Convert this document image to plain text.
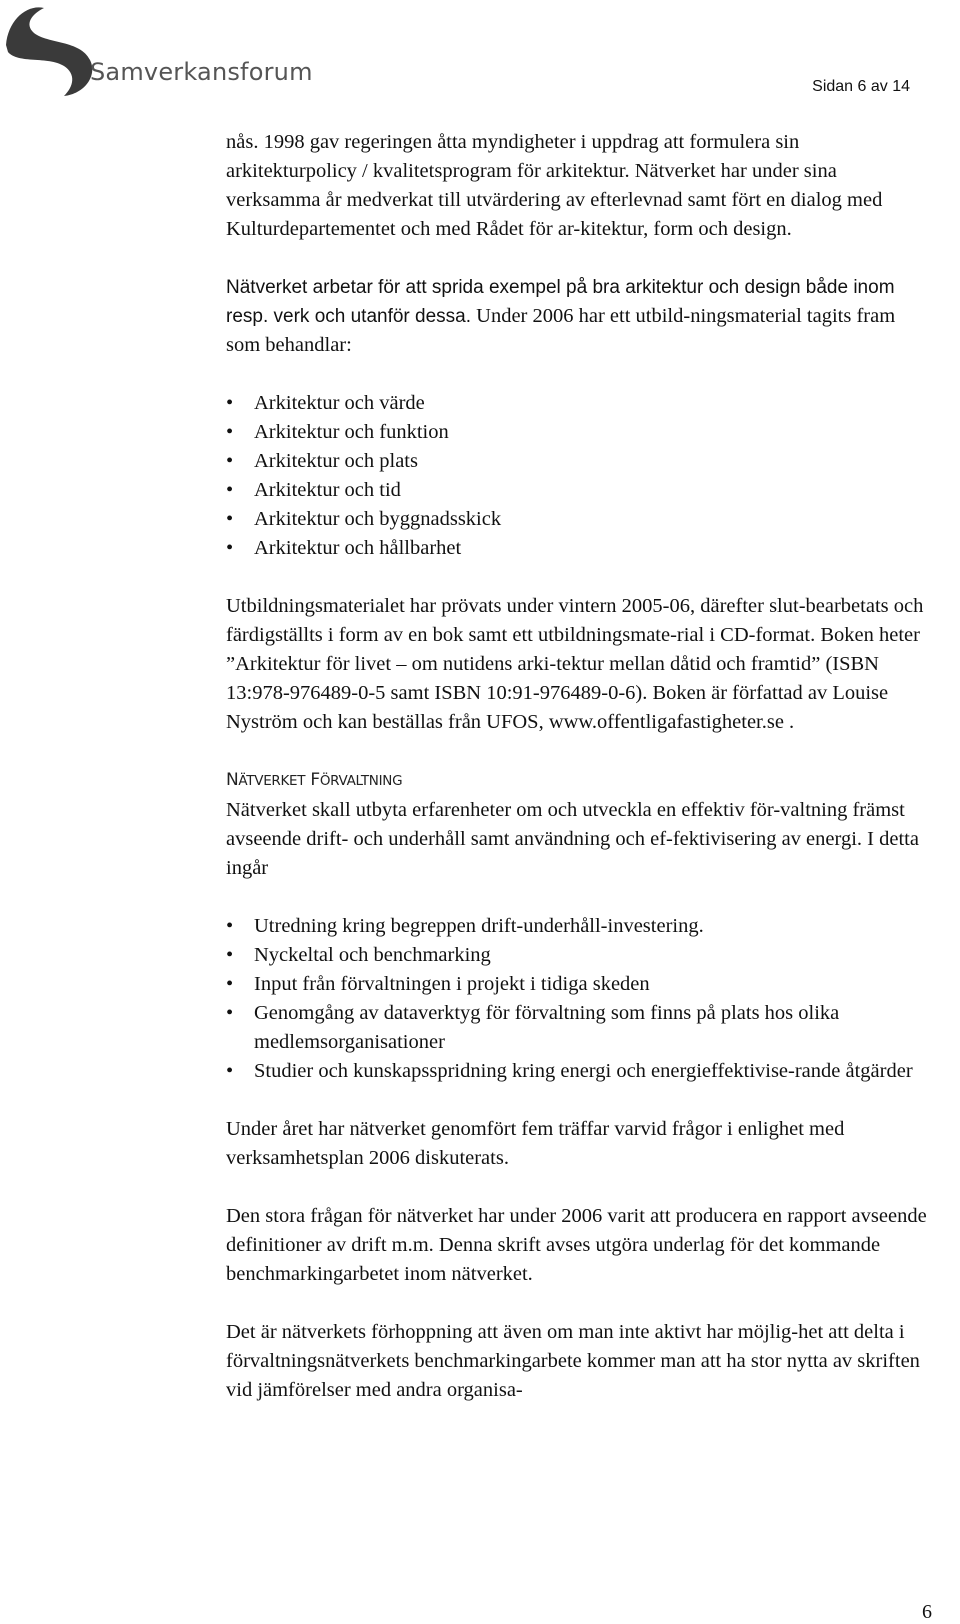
Samverkansforum
Sidan 6 av 14

nås. 1998 gav regeringen åtta myndigheter i uppdrag att formulera sin arkitekturpolicy / kvalitetsprogram för arkitektur. Nätverket har under sina verksamma år medverkat till utvärdering av efterlevnad samt fört en dialog med Kulturdepartementet och med Rådet för ar-kitektur, form och design.

Nätverket arbetar för att sprida exempel på bra arkitektur och design både inom resp. verk och utanför dessa. Under 2006 har ett utbild-ningsmaterial tagits fram som behandlar:

• Arkitektur och värde
• Arkitektur och funktion
• Arkitektur och plats
• Arkitektur och tid
• Arkitektur och byggnadsskick
• Arkitektur och hållbarhet

Utbildningsmaterialet har prövats under vintern 2005-06, därefter slut-bearbetats och färdigställts i form av en bok samt ett utbildningsmate-rial i CD-format. Boken heter ”Arkitektur för livet – om nutidens arki-tektur mellan dåtid och framtid” (ISBN 13:978-976489-0-5 samt ISBN 10:91-976489-0-6). Boken är författad av Louise Nyström och kan beställas från UFOS, www.offentligafastigheter.se .

NÄTVERKET FÖRVALTNING

Nätverket skall utbyta erfarenheter om och utveckla en effektiv för-valtning främst avseende drift- och underhåll samt användning och ef-fektivisering av energi. I detta ingår

• Utredning kring begreppen drift-underhåll-investering.
• Nyckeltal och benchmarking
• Input från förvaltningen i projekt i tidiga skeden
• Genomgång av dataverktyg för förvaltning som finns på plats hos olika medlemsorganisationer
• Studier och kunskapsspridning kring energi och energieffektivise-rande åtgärder

Under året har nätverket genomfört fem träffar varvid frågor i enlighet med verksamhetsplan 2006 diskuterats.

Den stora frågan för nätverket har under 2006 varit att producera en rapport avseende definitioner av drift m.m. Denna skrift avses utgöra underlag för det kommande benchmarkingarbetet inom nätverket.

Det är nätverkets förhoppning att även om man inte aktivt har möjlig-het att delta i förvaltningsnätverkets benchmarkingarbete kommer man att ha stor nytta av skriften vid jämförelser med andra organisa-

6
